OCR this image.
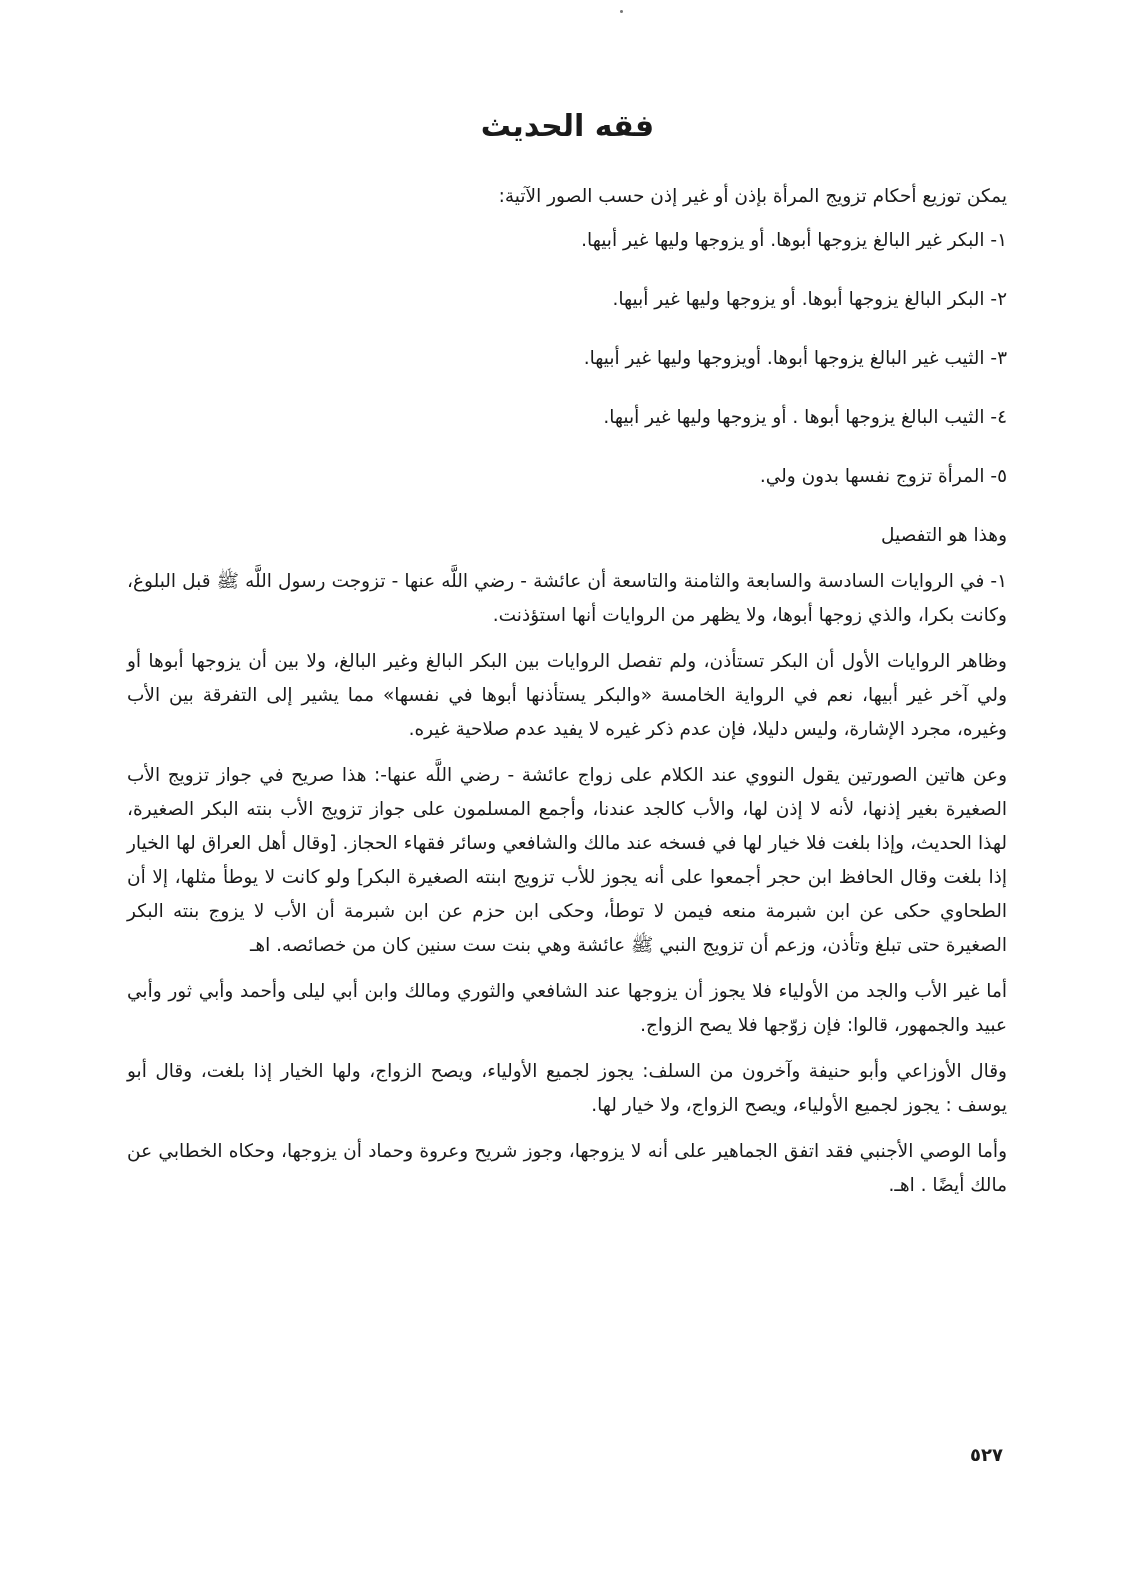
فقه الحديث

يمكن توزيع أحكام تزويج المرأة بإذن أو غير إذن حسب الصور الآتية:

١- البكر غير البالغ يزوجها أبوها. أو يزوجها وليها غير أبيها.

٢- البكر البالغ يزوجها أبوها. أو يزوجها وليها غير أبيها.

٣- الثيب غير البالغ يزوجها أبوها. أويزوجها وليها غير أبيها.

٤- الثيب البالغ يزوجها أبوها . أو يزوجها وليها غير أبيها.

٥- المرأة تزوج نفسها بدون ولي.

وهذا هو التفصيل

١- في الروايات السادسة والسابعة والثامنة والتاسعة أن عائشة - رضي اللَّه عنها - تزوجت رسول اللَّه ﷺ قبل البلوغ، وكانت بكرا، والذي زوجها أبوها، ولا يظهر من الروايات أنها استؤذنت.

وظاهر الروايات الأول أن البكر تستأذن، ولم تفصل الروايات بين البكر البالغ وغير البالغ، ولا بين أن يزوجها أبوها أو ولي آخر غير أبيها، نعم في الرواية الخامسة «والبكر يستأذنها أبوها في نفسها» مما يشير إلى التفرقة بين الأب وغيره، مجرد الإشارة، وليس دليلا، فإن عدم ذكر غيره لا يفيد عدم صلاحية غيره.

وعن هاتين الصورتين يقول النووي عند الكلام على زواج عائشة - رضي اللَّه عنها-: هذا صريح في جواز تزويج الأب الصغيرة بغير إذنها، لأنه لا إذن لها، والأب كالجد عندنا، وأجمع المسلمون على جواز تزويج الأب بنته البكر الصغيرة، لهذا الحديث، وإذا بلغت فلا خيار لها في فسخه عند مالك والشافعي وسائر فقهاء الحجاز. [وقال أهل العراق لها الخيار إذا بلغت وقال الحافظ ابن حجر أجمعوا على أنه يجوز للأب تزويج ابنته الصغيرة البكر] ولو كانت لا يوطأ مثلها، إلا أن الطحاوي حكى عن ابن شبرمة منعه فيمن لا توطأ، وحكى ابن حزم عن ابن شبرمة أن الأب لا يزوج بنته البكر الصغيرة حتى تبلغ وتأذن، وزعم أن تزويج النبي ﷺ عائشة وهي بنت ست سنين كان من خصائصه. اهـ

أما غير الأب والجد من الأولياء فلا يجوز أن يزوجها عند الشافعي والثوري ومالك وابن أبي ليلى وأحمد وأبي ثور وأبي عبيد والجمهور، قالوا: فإن زوّجها فلا يصح الزواج.

وقال الأوزاعي وأبو حنيفة وآخرون من السلف: يجوز لجميع الأولياء، ويصح الزواج، ولها الخيار إذا بلغت، وقال أبو يوسف : يجوز لجميع الأولياء، ويصح الزواج، ولا خيار لها.

وأما الوصي الأجنبي فقد اتفق الجماهير على أنه لا يزوجها، وجوز شريح وعروة وحماد أن يزوجها، وحكاه الخطابي عن مالك أيضًا . اهـ.

٥٢٧
